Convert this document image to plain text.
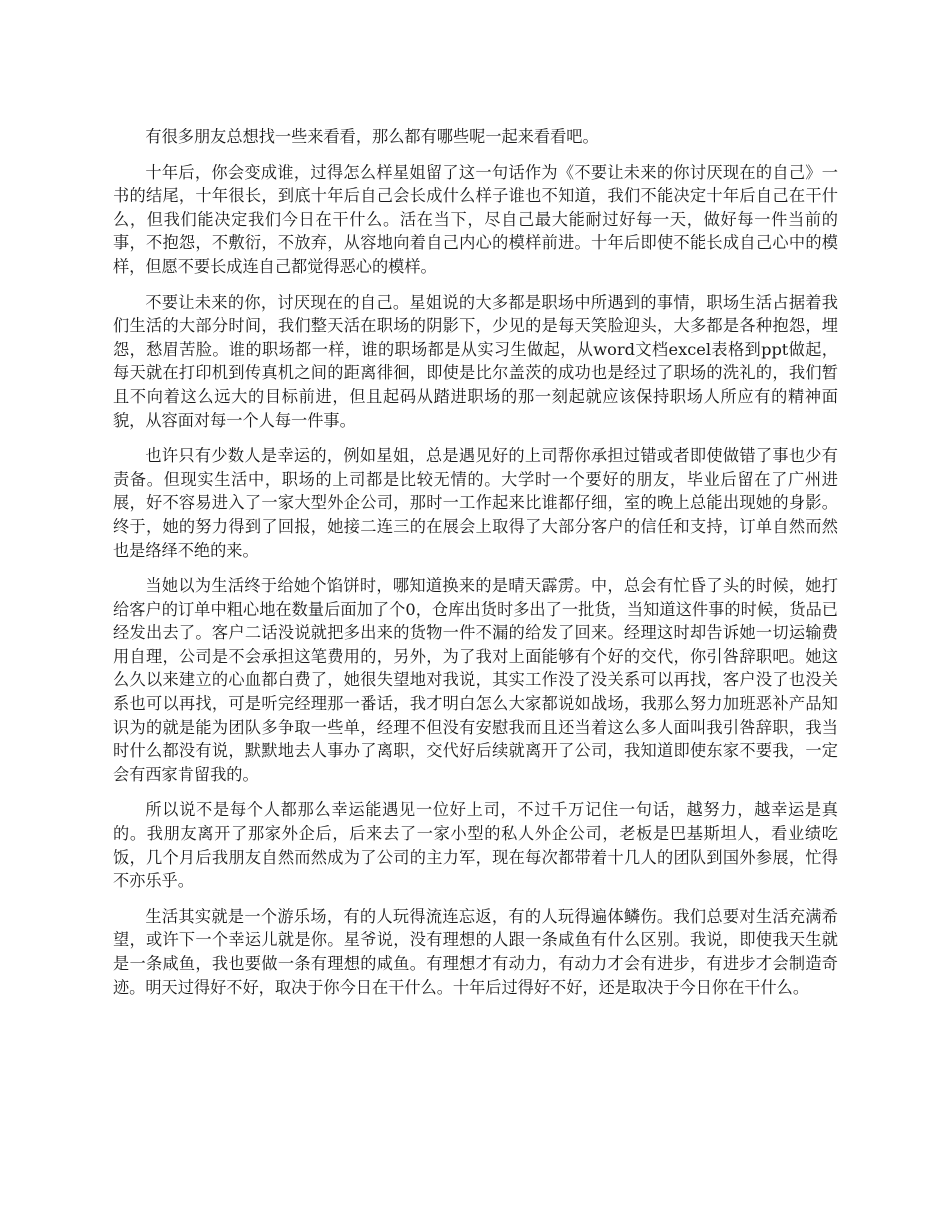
有很多朋友总想找一些来看看，那么都有哪些呢一起来看看吧。

十年后，你会变成谁，过得怎么样星姐留了这一句话作为《不要让未来的你讨厌现在的自己》一书的结尾，十年很长，到底十年后自己会长成什么样子谁也不知道，我们不能决定十年后自己在干什么，但我们能决定我们今日在干什么。活在当下，尽自己最大能耐过好每一天，做好每一件当前的事，不抱怨，不敷衍，不放弃，从容地向着自己内心的模样前进。十年后即使不能长成自己心中的模样，但愿不要长成连自己都觉得恶心的模样。

不要让未来的你，讨厌现在的自己。星姐说的大多都是职场中所遇到的事情，职场生活占据着我们生活的大部分时间，我们整天活在职场的阴影下，少见的是每天笑脸迎头，大多都是各种抱怨，埋怨，愁眉苦脸。谁的职场都一样，谁的职场都是从实习生做起，从word文档excel表格到ppt做起，每天就在打印机到传真机之间的距离徘徊，即使是比尔盖茨的成功也是经过了职场的洗礼的，我们暂且不向着这么远大的目标前进，但且起码从踏进职场的那一刻起就应该保持职场人所应有的精神面貌，从容面对每一个人每一件事。

也许只有少数人是幸运的，例如星姐，总是遇见好的上司帮你承担过错或者即使做错了事也少有责备。但现实生活中，职场的上司都是比较无情的。大学时一个要好的朋友，毕业后留在了广州进展，好不容易进入了一家大型外企公司，那时一工作起来比谁都仔细，室的晚上总能出现她的身影。终于，她的努力得到了回报，她接二连三的在展会上取得了大部分客户的信任和支持，订单自然而然也是络绎不绝的来。

当她以为生活终于给她个馅饼时，哪知道换来的是晴天霹雳。中，总会有忙昏了头的时候，她打给客户的订单中粗心地在数量后面加了个0，仓库出货时多出了一批货，当知道这件事的时候，货品已经发出去了。客户二话没说就把多出来的货物一件不漏的给发了回来。经理这时却告诉她一切运输费用自理，公司是不会承担这笔费用的，另外，为了我对上面能够有个好的交代，你引咎辞职吧。她这么久以来建立的心血都白费了，她很失望地对我说，其实工作没了没关系可以再找，客户没了也没关系也可以再找，可是听完经理那一番话，我才明白怎么大家都说如战场，我那么努力加班恶补产品知识为的就是能为团队多争取一些单，经理不但没有安慰我而且还当着这么多人面叫我引咎辞职，我当时什么都没有说，默默地去人事办了离职，交代好后续就离开了公司，我知道即使东家不要我，一定会有西家肯留我的。

所以说不是每个人都那么幸运能遇见一位好上司，不过千万记住一句话，越努力，越幸运是真的。我朋友离开了那家外企后，后来去了一家小型的私人外企公司，老板是巴基斯坦人，看业绩吃饭，几个月后我朋友自然而然成为了公司的主力军，现在每次都带着十几人的团队到国外参展，忙得不亦乐乎。

生活其实就是一个游乐场，有的人玩得流连忘返，有的人玩得遍体鳞伤。我们总要对生活充满希望，或许下一个幸运儿就是你。星爷说，没有理想的人跟一条咸鱼有什么区别。我说，即使我天生就是一条咸鱼，我也要做一条有理想的咸鱼。有理想才有动力，有动力才会有进步，有进步才会制造奇迹。明天过得好不好，取决于你今日在干什么。十年后过得好不好，还是取决于今日你在干什么。
